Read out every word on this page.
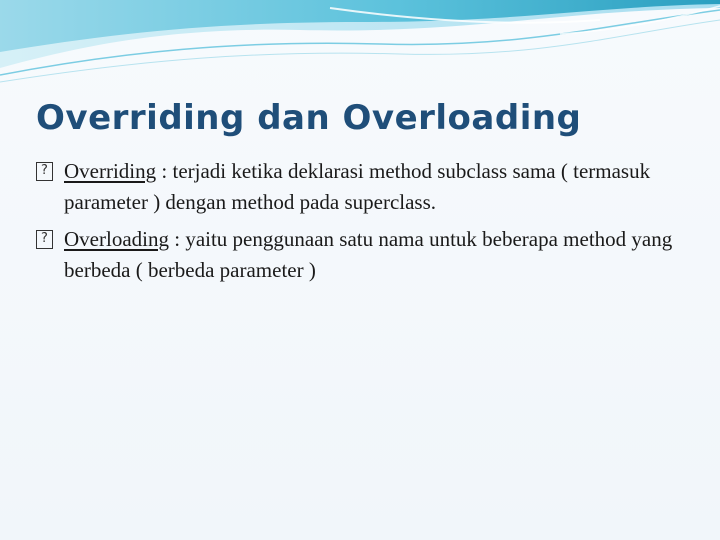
Overriding dan Overloading
? Overriding : terjadi ketika deklarasi method subclass sama ( termasuk parameter ) dengan method pada superclass.
? Overloading : yaitu penggunaan satu nama untuk beberapa method yang berbeda ( berbeda parameter )
